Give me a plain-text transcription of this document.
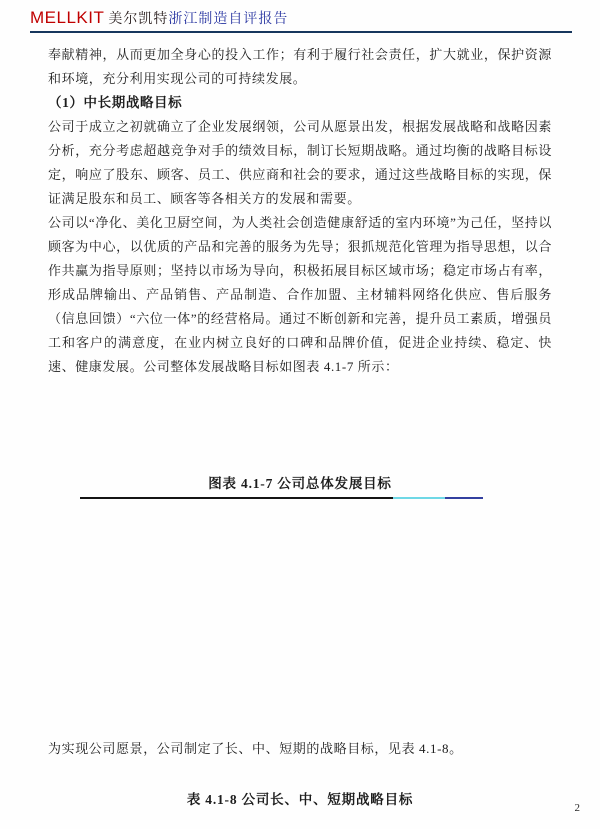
MELLKIT 美尔凯特浙江制造自评报告

奉献精神，从而更加全身心的投入工作；有利于履行社会责任，扩大就业，保护资源和环境，充分利用实现公司的可持续发展。

（1）中长期战略目标

公司于成立之初就确立了企业发展纲领，公司从愿景出发，根据发展战略和战略因素分析，充分考虑超越竞争对手的绩效目标，制订长短期战略。通过均衡的战略目标设定，响应了股东、顾客、员工、供应商和社会的要求，通过这些战略目标的实现，保证满足股东和员工、顾客等各相关方的发展和需要。

公司以“净化、美化卫厨空间，为人类社会创造健康舒适的室内环境”为己任，坚持以顾客为中心，以优质的产品和完善的服务为先导；狠抓规范化管理为指导思想，以合作共赢为指导原则；坚持以市场为导向，积极拓展目标区域市场；稳定市场占有率，形成品牌输出、产品销售、产品制造、合作加盟、主材辅料网络化供应、售后服务（信息回馈）“六位一体”的经营格局。通过不断创新和完善，提升员工素质，增强员工和客户的满意度，在业内树立良好的口碑和品牌价值，促进企业持续、稳定、快速、健康发展。公司整体发展战略目标如图表 4.1-7 所示：

图表 4.1-7 公司总体发展目标

为实现公司愿景，公司制定了长、中、短期的战略目标，见表 4.1-8。

表 4.1-8 公司长、中、短期战略目标
2
